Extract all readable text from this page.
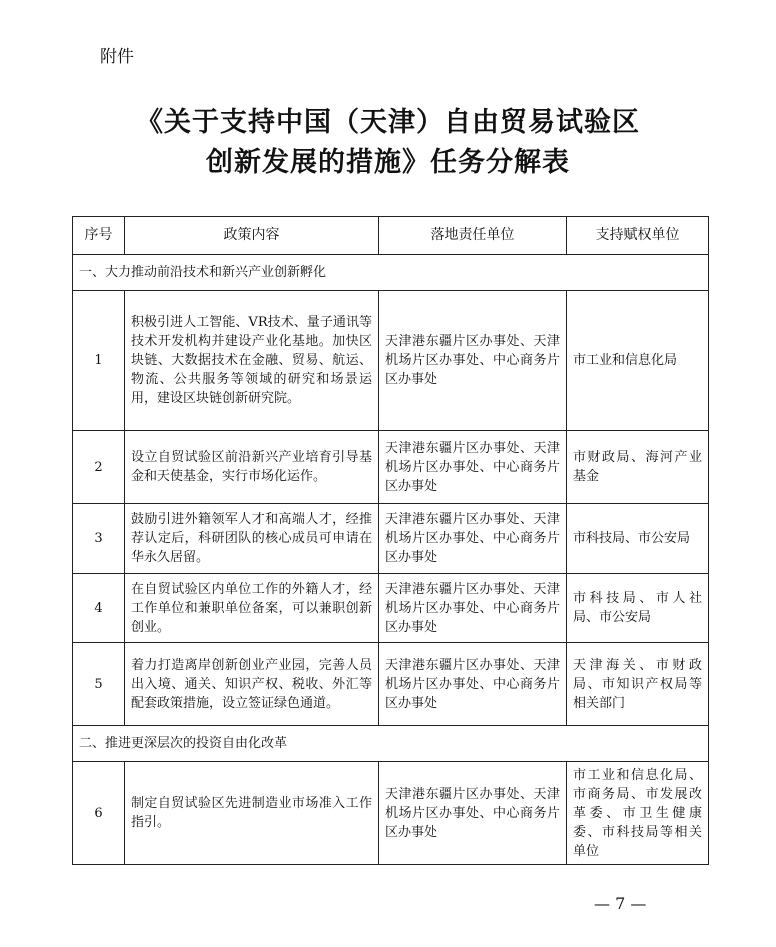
附件
《关于支持中国（天津）自由贸易试验区
创新发展的措施》任务分解表
序号	政策内容	落地责任单位	支持赋权单位
一、大力推动前沿技术和新兴产业创新孵化			
1	积极引进人工智能、VR技术、量子通讯等技术开发机构并建设产业化基地。加快区块链、大数据技术在金融、贸易、航运、物流、公共服务等领域的研究和场景运用，建设区块链创新研究院。	天津港东疆片区办事处、天津机场片区办事处、中心商务片区办事处	市工业和信息化局
2	设立自贸试验区前沿新兴产业培育引导基金和天使基金，实行市场化运作。	天津港东疆片区办事处、天津机场片区办事处、中心商务片区办事处	市财政局、海河产业基金
3	鼓励引进外籍领军人才和高端人才，经推荐认定后，科研团队的核心成员可申请在华永久居留。	天津港东疆片区办事处、天津机场片区办事处、中心商务片区办事处	市科技局、市公安局
4	在自贸试验区内单位工作的外籍人才，经工作单位和兼职单位备案，可以兼职创新创业。	天津港东疆片区办事处、天津机场片区办事处、中心商务片区办事处	市科技局、市人社局、市公安局
5	着力打造离岸创新创业产业园，完善人员出入境、通关、知识产权、税收、外汇等配套政策措施，设立签证绿色通道。	天津港东疆片区办事处、天津机场片区办事处、中心商务片区办事处	天津海关、市财政局、市知识产权局等相关部门
二、推进更深层次的投资自由化改革			
6	制定自贸试验区先进制造业市场准入工作指引。	天津港东疆片区办事处、天津机场片区办事处、中心商务片区办事处	市工业和信息化局、市商务局、市发展改革委、市卫生健康委、市科技局等相关单位
— 7 —
